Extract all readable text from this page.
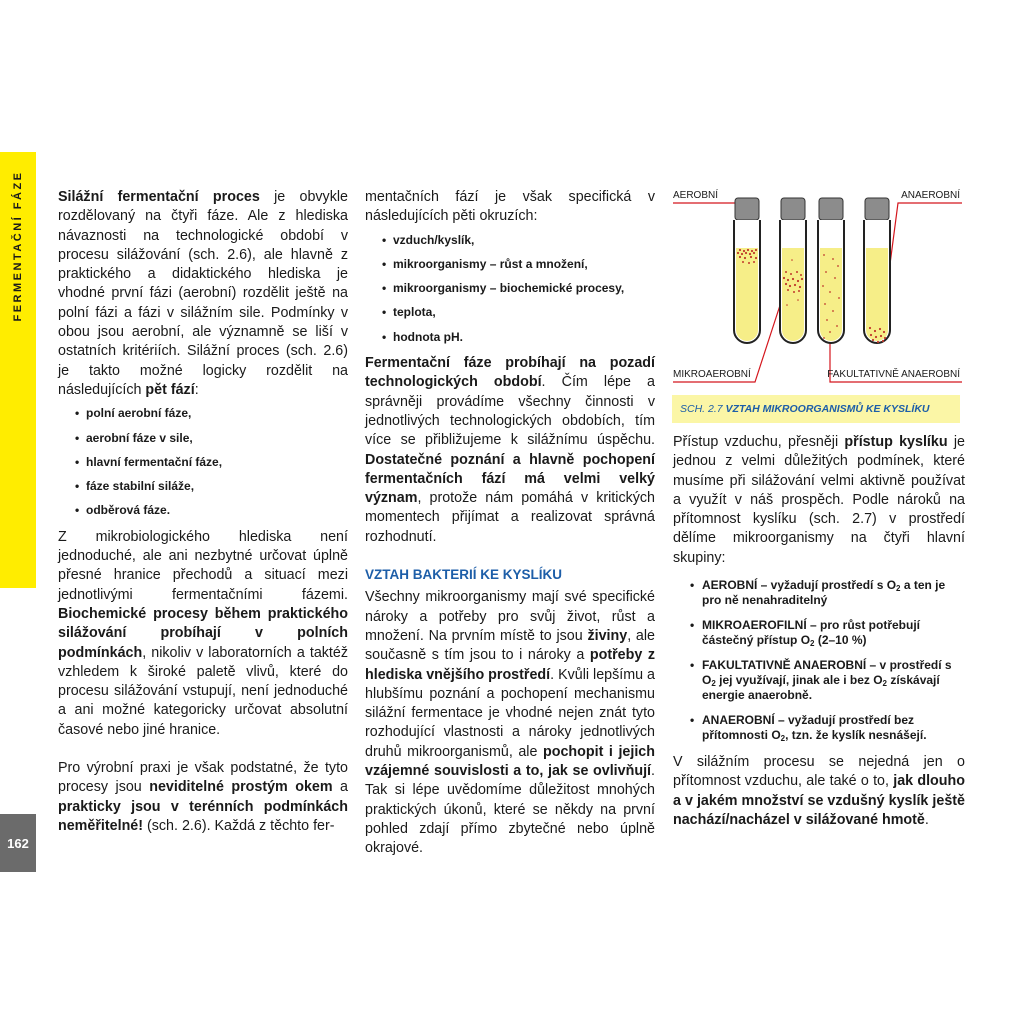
FERMENTAČNÍ FÁZE
162

Silážní fermentační proces je obvykle rozdělovaný na čtyři fáze. Ale z hlediska návaznosti na technologické období v procesu silážování (sch. 2.6), ale hlavně z praktického a didaktického hlediska je vhodné první fázi (aerobní) rozdělit ještě na polní fázi a fázi v silážním sile. Podmínky v obou jsou aerobní, ale významně se liší v ostatních kritériích. Silážní proces (sch. 2.6) je takto možné logicky rozdělit na následujících pět fází:

• polní aerobní fáze,
• aerobní fáze v sile,
• hlavní fermentační fáze,
• fáze stabilní siláže,
• odběrová fáze.

Z mikrobiologického hlediska není jednoduché, ale ani nezbytné určovat úplně přesné hranice přechodů a situací mezi jednotlivými fermentačními fázemi. Biochemické procesy během praktického silážování probíhají v polních podmínkách, nikoliv v laboratorních a taktéž vzhledem k široké paletě vlivů, které do procesu silážování vstupují, není jednoduché a ani možné kategoricky určovat absolutní časové nebo jiné hranice.

Pro výrobní praxi je však podstatné, že tyto procesy jsou neviditelné prostým okem a prakticky jsou v terénních podmínkách neměřitelné! (sch. 2.6). Každá z těchto fer-

mentačních fází je však specifická v následujících pěti okruzích:

• vzduch/kyslík,
• mikroorganismy – růst a množení,
• mikroorganismy – biochemické procesy,
• teplota,
• hodnota pH.

Fermentační fáze probíhají na pozadí technologických období. Čím lépe a správněji provádíme všechny činnosti v jednotlivých technologických obdobích, tím více se přibližujeme k silážnímu úspěchu. Dostatečné poznání a hlavně pochopení fermentačních fází má velmi velký význam, protože nám pomáhá v kritických momentech přijímat a realizovat správná rozhodnutí.

VZTAH BAKTERIÍ KE KYSLÍKU

Všechny mikroorganismy mají své specifické nároky a potřeby pro svůj život, růst a množení. Na prvním místě to jsou živiny, ale současně s tím jsou to i nároky a potřeby z hlediska vnějšího prostředí. Kvůli lepšímu a hlubšímu poznání a pochopení mechanismu silážní fermentace je vhodné nejen znát tyto rozhodující vlastnosti a nároky jednotlivých druhů mikroorganismů, ale pochopit i jejich vzájemné souvislosti a to, jak se ovlivňují. Tak si lépe uvědomíme důležitost mnohých praktických úkonů, které se někdy na první pohled zdají přímo zbytečné nebo úplně okrajové.

AEROBNÍ	ANAEROBNÍ
MIKROAEROBNÍ	FAKULTATIVNĚ ANAEROBNÍ
SCH. 2.7 VZTAH MIKROORGANISMŮ KE KYSLÍKU

Přístup vzduchu, přesněji přístup kyslíku je jednou z velmi důležitých podmínek, které musíme při silážování velmi aktivně používat a využít v náš prospěch. Podle nároků na přítomnost kyslíku (sch. 2.7) v prostředí dělíme mikroorganismy na čtyři hlavní skupiny:

• AEROBNÍ – vyžadují prostředí s $O_2$ a ten je pro ně nenahraditelný
• MIKROAEROFILNÍ – pro růst potřebují částečný přístup $O_2$ (2–10 %)
• FAKULTATIVNĚ ANAEROBNÍ – v prostředí s $O_2$ jej využívají, jinak ale i bez $O_2$ získávají energie anaerobně.
• ANAEROBNÍ – vyžadují prostředí bez přítomnosti $O_2$, tzn. že kyslík nesnášejí.

V silážním procesu se nejedná jen o přítomnost vzduchu, ale také o to, jak dlouho a v jakém množství se vzdušný kyslík ještě nachází/nacházel v silážované hmotě.
